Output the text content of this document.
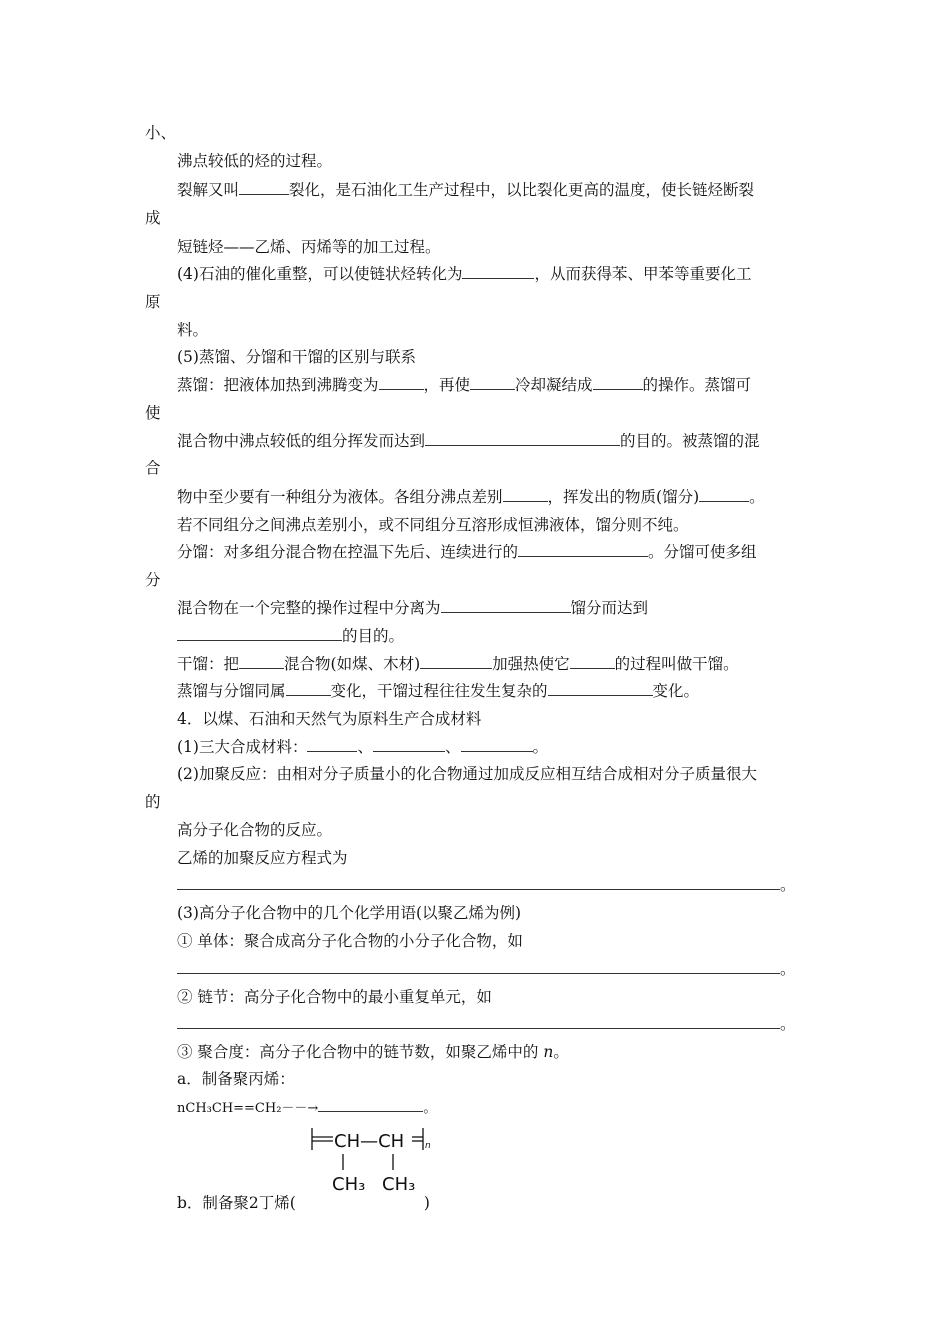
小、
沸点较低的烃的过程。
裂解又叫	裂化，是石油化工生产过程中，以比裂化更高的温度，使长链烃断裂
成
短链烃——乙烯、丙烯等的加工过程。
(4)石油的催化重整，可以使链状烃转化为	，从而获得苯、甲苯等重要化工
原
料。
(5)蒸馏、分馏和干馏的区别与联系
蒸馏：把液体加热到沸腾变为	，再使	冷却凝结成	的操作。蒸馏可
使
混合物中沸点较低的组分挥发而达到	的目的。被蒸馏的混
合
物中至少要有一种组分为液体。各组分沸点差别	，挥发出的物质(馏分)	。
若不同组分之间沸点差别小，或不同组分互溶形成恒沸液体，馏分则不纯。
分馏：对多组分混合物在控温下先后、连续进行的	。分馏可使多组
分
混合物在一个完整的操作过程中分离为	馏分而达到
的目的。
干馏：把	混合物(如煤、木材)	加强热使它	的过程叫做干馏。
蒸馏与分馏同属	变化，干馏过程往往发生复杂的	变化。
4．以煤、石油和天然气为原料生产合成材料
(1)三大合成材料：	、	、	。
(2)加聚反应：由相对分子质量小的化合物通过加成反应相互结合成相对分子质量很大
的
高分子化合物的反应。
乙烯的加聚反应方程式为
。
(3)高分子化合物中的几个化学用语(以聚乙烯为例)
① 单体：聚合成高分子化合物的小分子化合物，如
。
② 链节：高分子化合物中的最小重复单元，如
。
③ 聚合度：高分子化合物中的链节数，如聚乙烯中的 n。
a．制备聚丙烯：
nCH₃CH==CH₂－－→	。
CH—CH n
CH₃ CH₃
b．制备聚2丁烯(	)
